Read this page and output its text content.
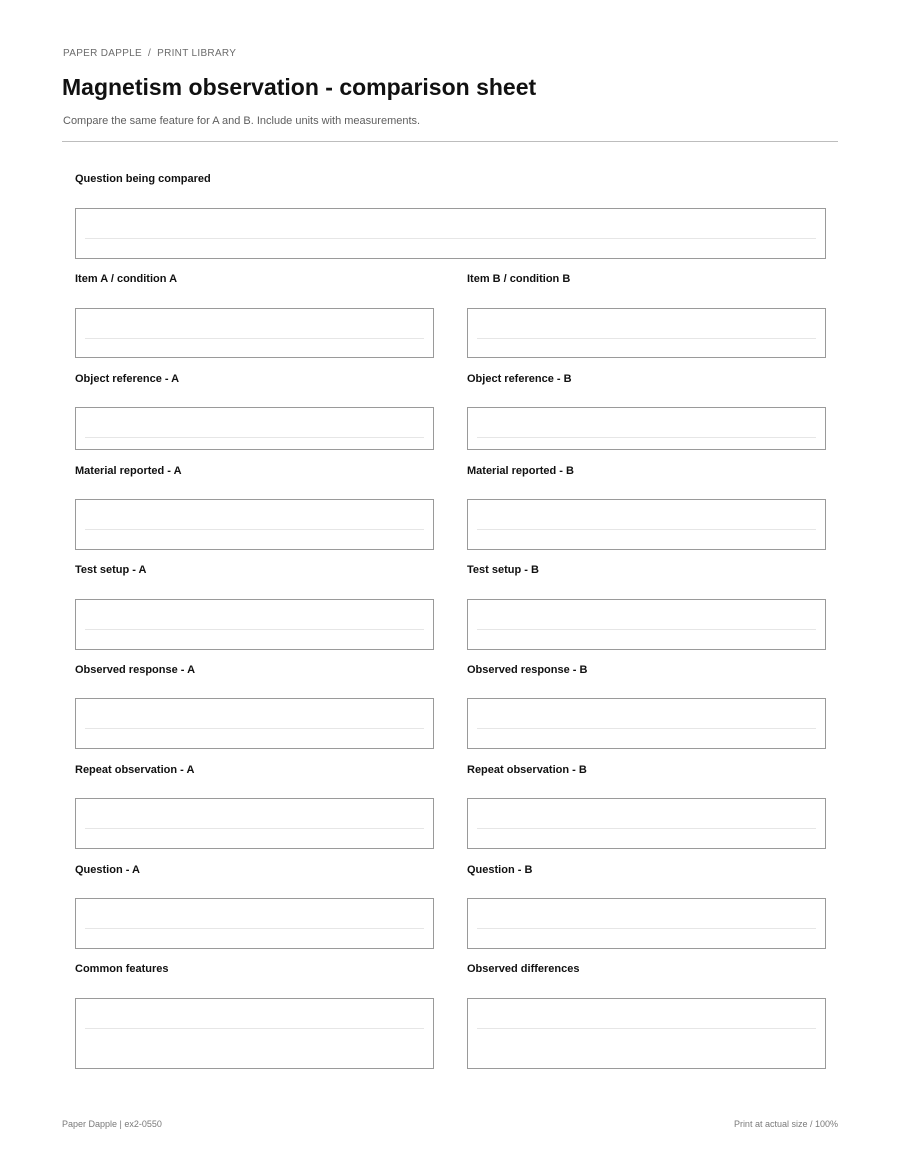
PAPER DAPPLE / PRINT LIBRARY
Magnetism observation - comparison sheet
Compare the same feature for A and B. Include units with measurements.
Question being compared
Item A / condition A	Item B / condition B
Object reference - A	Object reference - B
Material reported - A	Material reported - B
Test setup - A	Test setup - B
Observed response - A	Observed response - B
Repeat observation - A	Repeat observation - B
Question - A	Question - B
Common features	Observed differences
Paper Dapple | ex2-0550	Print at actual size / 100%
